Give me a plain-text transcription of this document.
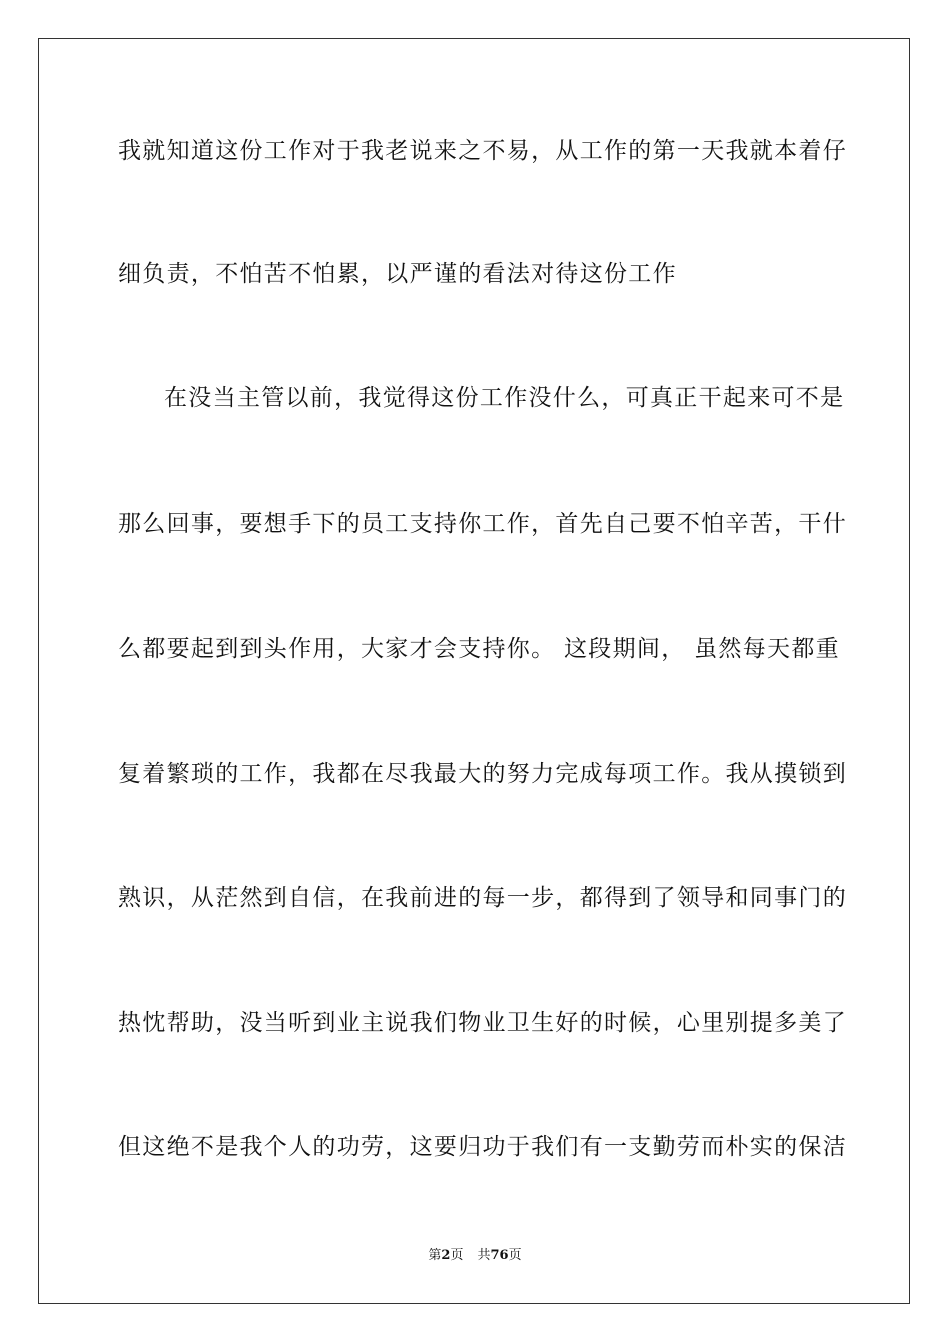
我就知道这份工作对于我老说来之不易，从工作的第一天我就本着仔
细负责，不怕苦不怕累，以严谨的看法对待这份工作
在没当主管以前，我觉得这份工作没什么，可真正干起来可不是
那么回事，要想手下的员工支持你工作，首先自己要不怕辛苦，干什
么都要起到到头作用，大家才会支持你。 这段期间， 虽然每天都重
复着繁琐的工作，我都在尽我最大的努力完成每项工作。我从摸锁到
熟识，从茫然到自信，在我前进的每一步，都得到了领导和同事门的
热忱帮助，没当听到业主说我们物业卫生好的时候，心里别提多美了
但这绝不是我个人的功劳，这要归功于我们有一支勤劳而朴实的保洁
第2页 共76页
